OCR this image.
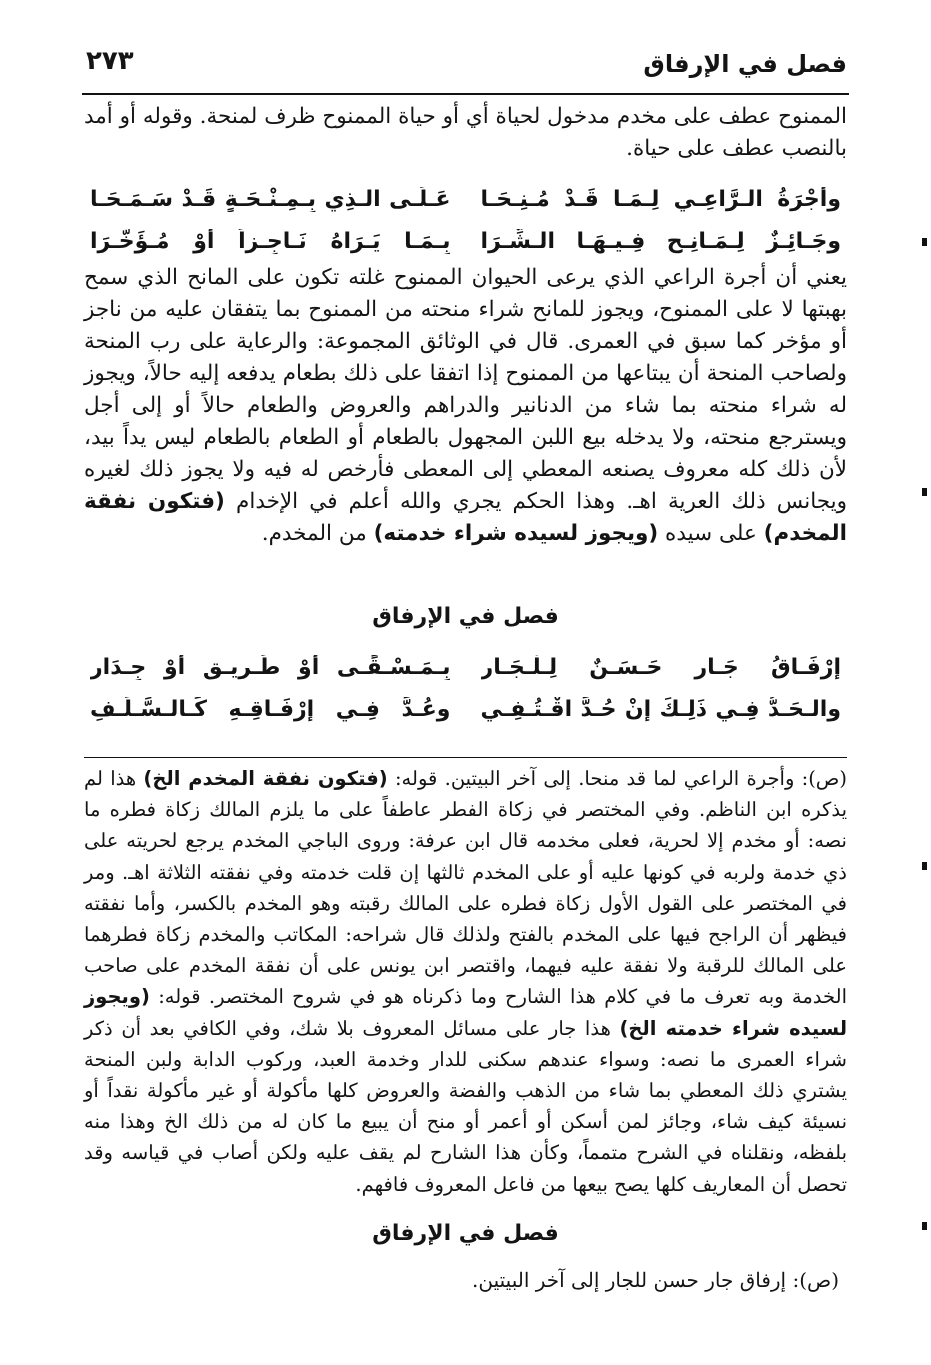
فصل في الإرفاق
٢٧٣

الممنوح عطف على مخدم مدخول لحياة أي أو حياة الممنوح ظرف لمنحة. وقوله أو أمد بالنصب عطف على حياة.

وأُجْرَةُ الـرَّاعِـي لِـمَـا قَـدْ مُـنِـحَـا
عَـلَـى الـذِي بِـمِـنْـحَـةٍ قَـدْ سَـمَـحَـا
وجَـائِـزٌ لِـمَـانِـحٍ فِـيـهَـا الـشِّـرَا
بِـمَـا يَـرَاهُ نَـاجِـزاً أَوْ مُـؤَخَّـرَا

يعني أن أجرة الراعي الذي يرعى الحيوان الممنوح غلته تكون على المانح الذي سمح بهبتها لا على الممنوح، ويجوز للمانح شراء منحته من الممنوح بما يتفقان عليه من ناجز أو مؤخر كما سبق في العمرى. قال في الوثائق المجموعة: والرعاية على رب المنحة ولصاحب المنحة أن يبتاعها من الممنوح إذا اتفقا على ذلك بطعام يدفعه إليه حالاً، ويجوز له شراء منحته بما شاء من الدنانير والدراهم والعروض والطعام حالاً أو إلى أجل ويسترجع منحته، ولا يدخله بيع اللبن المجهول بالطعام أو الطعام بالطعام ليس يداً بيد، لأن ذلك كله معروف يصنعه المعطي إلى المعطى فأرخص له فيه ولا يجوز ذلك لغيره ويجانس ذلك العرية اهـ. وهذا الحكم يجري والله أعلم في الإخدام (فتكون نفقة المخدم) على سيده (ويجوز لسيده شراء خدمته) من المخدم.

فصل في الإرفاق
إِرْفَـاقُ جَـارٍ حَـسَـنٌ لِـلْـجَـارِ
بِـمَـسْـقًـى أَوْ طَـرِيـقٍ أَوْ جِـدَارِ
والـحَـدُّ فِـي ذَلِـكَ إِنْ حُـدَّ اقْـتُـفِـي
وعُـدَّ فِـي إِرْفَـاقِـهِ كَـالـسَّـلَـفِ

(ص): وأجرة الراعي لما قد منحا. إلى آخر البيتين. قوله: (فتكون نفقة المخدم الخ) هذا لم يذكره ابن الناظم. وفي المختصر في زكاة الفطر عاطفاً على ما يلزم المالك زكاة فطره ما نصه: أو مخدم إلا لحرية، فعلى مخدمه قال ابن عرفة: وروى الباجي المخدم يرجع لحريته على ذي خدمة ولربه في كونها عليه أو على المخدم ثالثها إن قلت خدمته وفي نفقته الثلاثة اهـ. ومر في المختصر على القول الأول زكاة فطره على المالك رقبته وهو المخدم بالكسر، وأما نفقته فيظهر أن الراجح فيها على المخدم بالفتح ولذلك قال شراحه: المكاتب والمخدم زكاة فطرهما على المالك للرقبة ولا نفقة عليه فيهما، واقتصر ابن يونس على أن نفقة المخدم على صاحب الخدمة وبه تعرف ما في كلام هذا الشارح وما ذكرناه هو في شروح المختصر. قوله: (ويجوز لسيده شراء خدمته الخ) هذا جار على مسائل المعروف بلا شك، وفي الكافي بعد أن ذكر شراء العمرى ما نصه: وسواء عندهم سكنى للدار وخدمة العبد، وركوب الدابة ولبن المنحة يشتري ذلك المعطي بما شاء من الذهب والفضة والعروض كلها مأكولة أو غير مأكولة نقداً أو نسيئة كيف شاء، وجائز لمن أسكن أو أعمر أو منح أن يبيع ما كان له من ذلك الخ وهذا منه بلفظه، ونقلناه في الشرح متمماً، وكأن هذا الشارح لم يقف عليه ولكن أصاب في قياسه وقد تحصل أن المعاريف كلها يصح بيعها من فاعل المعروف فافهم.

فصل في الإرفاق
(ص): إرفاق جار حسن للجار إلى آخر البيتين.
